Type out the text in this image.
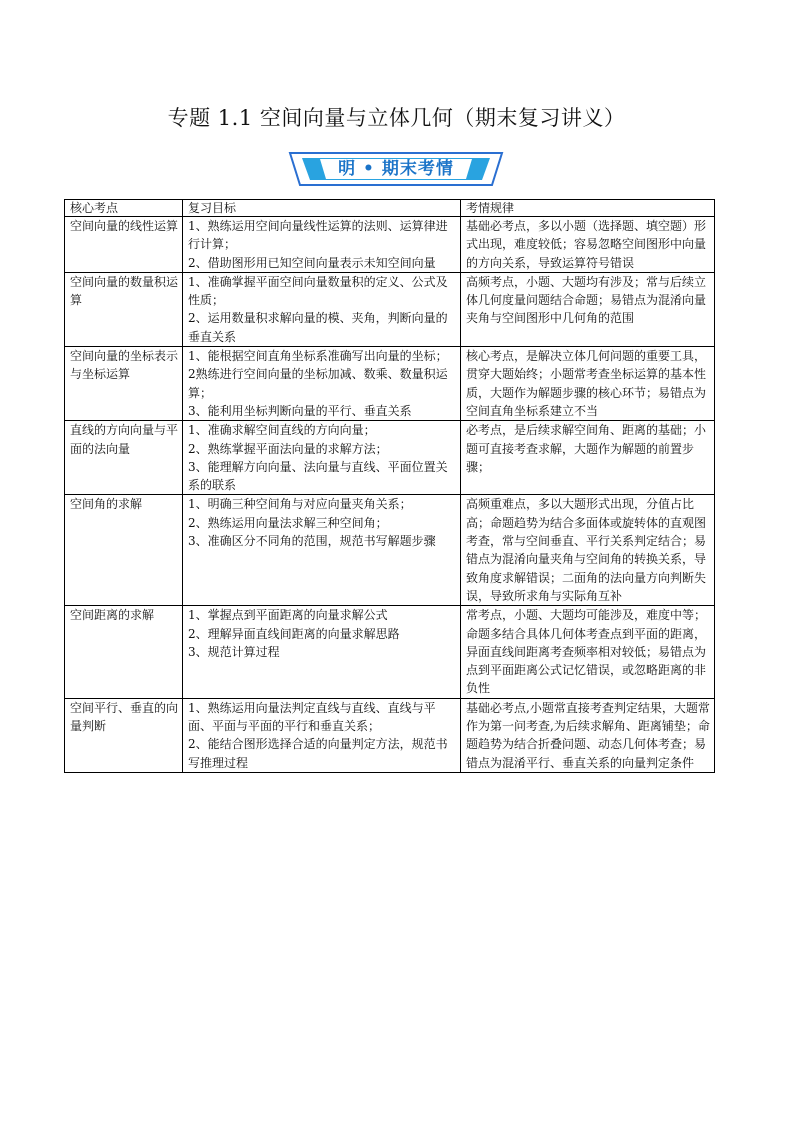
专题 1.1 空间向量与立体几何（期末复习讲义）
明 • 期末考情
核心考点	复习目标	考情规律

空间向量的线性运算	1、熟练运用空间向量线性运算的法则、运算律进行计算；
2、借助图形用已知空间向量表示未知空间向量	基础必考点，多以小题（选择题、填空题）形式出现，难度较低；容易忽略空间图形中向量的方向关系，导致运算符号错误

空间向量的数量积运算	1、准确掌握平面空间向量数量积的定义、公式及性质；
2、运用数量积求解向量的模、夹角，判断向量的垂直关系	高频考点，小题、大题均有涉及；常与后续立体几何度量问题结合命题；易错点为混淆向量夹角与空间图形中几何角的范围

空间向量的坐标表示与坐标运算	1、能根据空间直角坐标系准确写出向量的坐标；
2熟练进行空间向量的坐标加减、数乘、数量积运算；
3、能利用坐标判断向量的平行、垂直关系	核心考点，是解决立体几何问题的重要工具，贯穿大题始终；小题常考查坐标运算的基本性质，大题作为解题步骤的核心环节；易错点为空间直角坐标系建立不当

直线的方向向量与平面的法向量	1、准确求解空间直线的方向向量；
2、熟练掌握平面法向量的求解方法；
3、能理解方向向量、法向量与直线、平面位置关系的联系	必考点，是后续求解空间角、距离的基础；小题可直接考查求解，大题作为解题的前置步骤；

空间角的求解	1、明确三种空间角与对应向量夹角关系；
2、熟练运用向量法求解三种空间角；
3、准确区分不同角的范围，规范书写解题步骤	高频重难点，多以大题形式出现，分值占比高；命题趋势为结合多面体或旋转体的直观图考查，常与空间垂直、平行关系判定结合；易错点为混淆向量夹角与空间角的转换关系，导致角度求解错误；二面角的法向量方向判断失误，导致所求角与实际角互补

空间距离的求解	1、掌握点到平面距离的向量求解公式
2、理解异面直线间距离的向量求解思路
3、规范计算过程	常考点，小题、大题均可能涉及，难度中等；命题多结合具体几何体考查点到平面的距离，异面直线间距离考查频率相对较低；易错点为点到平面距离公式记忆错误，或忽略距离的非负性

空间平行、垂直的向量判断	1、熟练运用向量法判定直线与直线、直线与平面、平面与平面的平行和垂直关系；
2、能结合图形选择合适的向量判定方法，规范书写推理过程	基础必考点,小题常直接考查判定结果，大题常作为第一问考查,为后续求解角、距离铺垫；命题趋势为结合折叠问题、动态几何体考查；易错点为混淆平行、垂直关系的向量判定条件
